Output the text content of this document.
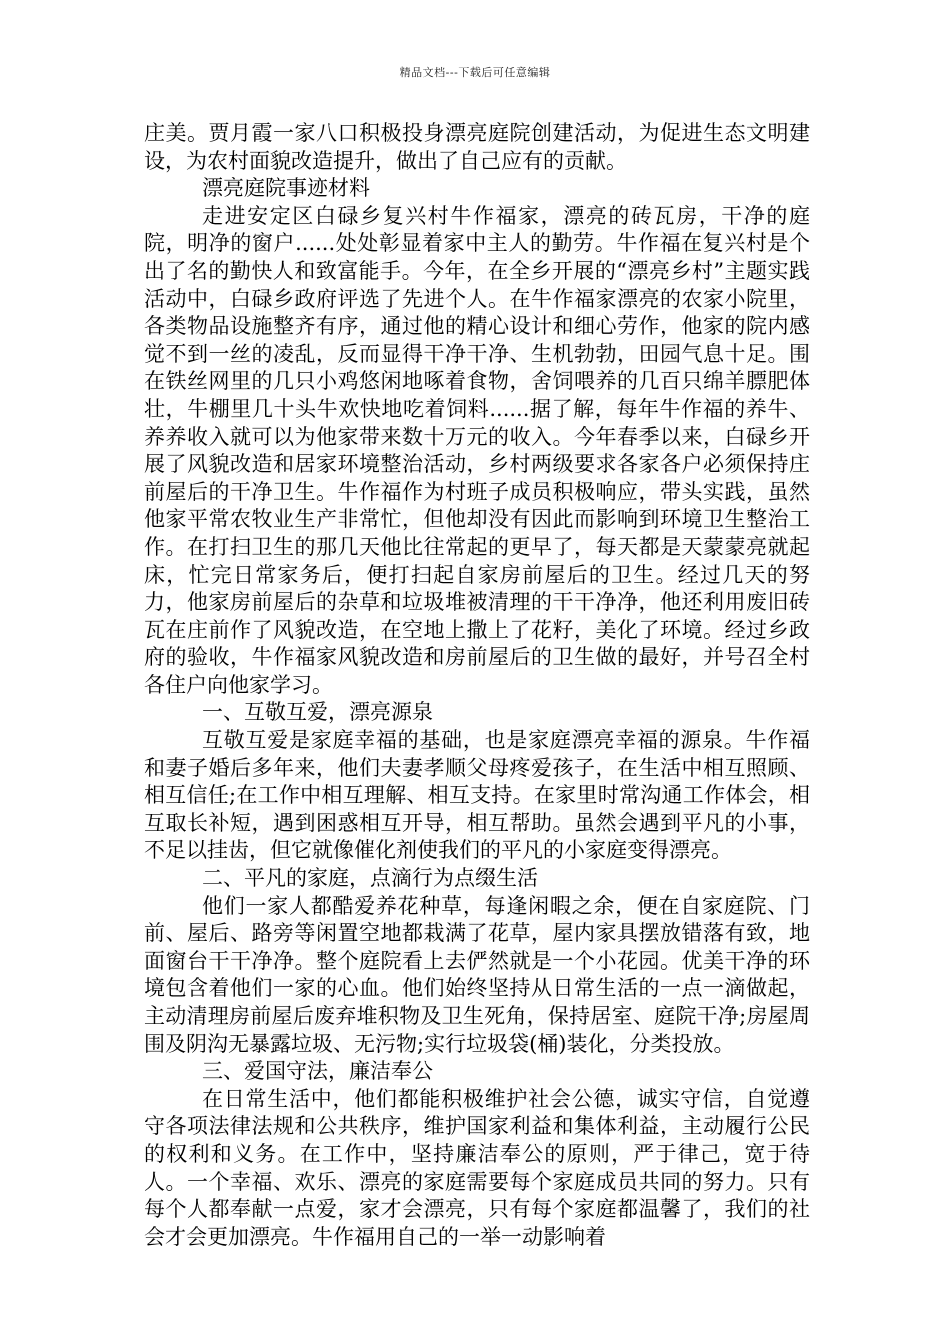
精品文档---下载后可任意编辑

庄美。贾月霞一家八口积极投身漂亮庭院创建活动，为促进生态文明建设，为农村面貌改造提升，做出了自己应有的贡献。

漂亮庭院事迹材料

走进安定区白碌乡复兴村牛作福家，漂亮的砖瓦房，干净的庭院，明净的窗户......处处彰显着家中主人的勤劳。牛作福在复兴村是个出了名的勤快人和致富能手。今年，在全乡开展的“漂亮乡村”主题实践活动中，白碌乡政府评选了先进个人。在牛作福家漂亮的农家小院里，各类物品设施整齐有序，通过他的精心设计和细心劳作，他家的院内感觉不到一丝的凌乱，反而显得干净干净、生机勃勃，田园气息十足。围在铁丝网里的几只小鸡悠闲地啄着食物，舍饲喂养的几百只绵羊膘肥体壮，牛棚里几十头牛欢快地吃着饲料......据了解，每年牛作福的养牛、养养收入就可以为他家带来数十万元的收入。今年春季以来，白碌乡开展了风貌改造和居家环境整治活动，乡村两级要求各家各户必须保持庄前屋后的干净卫生。牛作福作为村班子成员积极响应，带头实践，虽然他家平常农牧业生产非常忙，但他却没有因此而影响到环境卫生整治工作。在打扫卫生的那几天他比往常起的更早了，每天都是天蒙蒙亮就起床，忙完日常家务后，便打扫起自家房前屋后的卫生。经过几天的努力，他家房前屋后的杂草和垃圾堆被清理的干干净净，他还利用废旧砖瓦在庄前作了风貌改造，在空地上撒上了花籽，美化了环境。经过乡政府的验收，牛作福家风貌改造和房前屋后的卫生做的最好，并号召全村各住户向他家学习。

一、互敬互爱，漂亮源泉

互敬互爱是家庭幸福的基础，也是家庭漂亮幸福的源泉。牛作福和妻子婚后多年来，他们夫妻孝顺父母疼爱孩子，在生活中相互照顾、相互信任;在工作中相互理解、相互支持。在家里时常沟通工作体会，相互取长补短，遇到困惑相互开导，相互帮助。虽然会遇到平凡的小事，不足以挂齿，但它就像催化剂使我们的平凡的小家庭变得漂亮。

二、平凡的家庭，点滴行为点缀生活

他们一家人都酷爱养花种草，每逢闲暇之余，便在自家庭院、门前、屋后、路旁等闲置空地都栽满了花草，屋内家具摆放错落有致，地面窗台干干净净。整个庭院看上去俨然就是一个小花园。优美干净的环境包含着他们一家的心血。他们始终坚持从日常生活的一点一滴做起，主动清理房前屋后废弃堆积物及卫生死角，保持居室、庭院干净;房屋周围及阴沟无暴露垃圾、无污物;实行垃圾袋(桶)装化，分类投放。

三、爱国守法，廉洁奉公

在日常生活中，他们都能积极维护社会公德，诚实守信，自觉遵守各项法律法规和公共秩序，维护国家利益和集体利益，主动履行公民的权利和义务。在工作中，坚持廉洁奉公的原则，严于律己，宽于待人。一个幸福、欢乐、漂亮的家庭需要每个家庭成员共同的努力。只有每个人都奉献一点爱，家才会漂亮，只有每个家庭都温馨了，我们的社会才会更加漂亮。牛作福用自己的一举一动影响着
